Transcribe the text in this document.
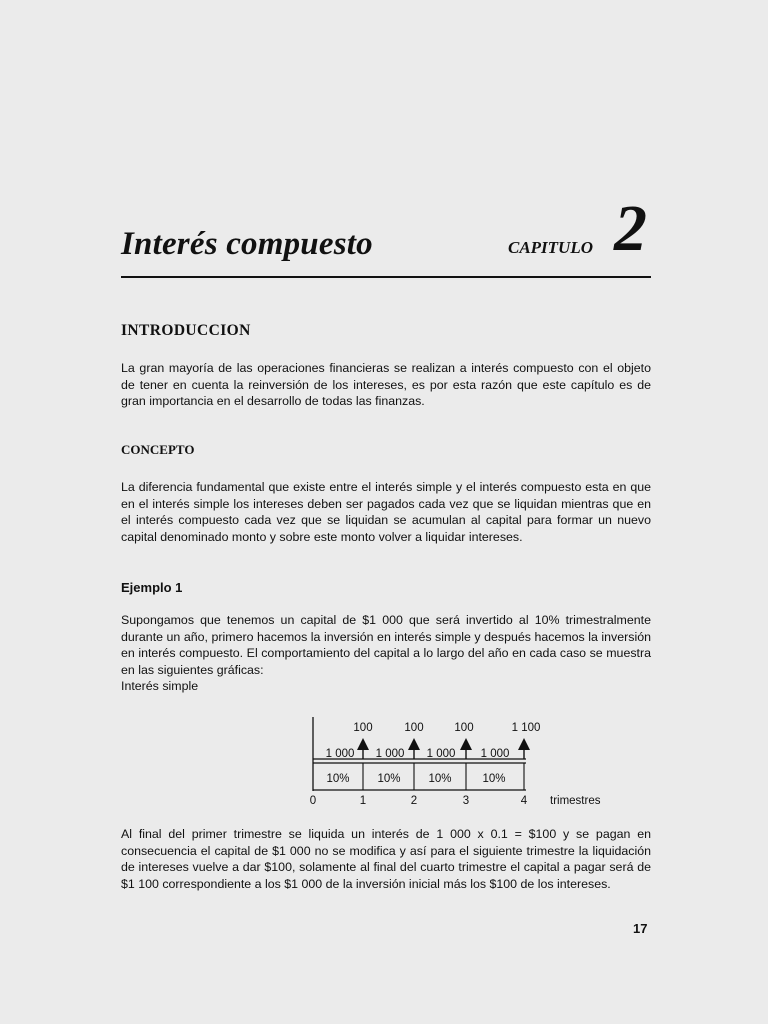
Interés compuesto	CAPITULO 2
INTRODUCCION
La gran mayoría de las operaciones financieras se realizan a interés compuesto con el objeto de tener en cuenta la reinversión de los intereses, es por esta razón que este capítulo es de gran importancia en el desarrollo de todas las finanzas.
CONCEPTO
La diferencia fundamental que existe entre el interés simple y el interés compuesto esta en que en el interés simple los intereses deben ser pagados cada vez que se liquidan mientras que en el interés compuesto cada vez que se liquidan se acumulan al capital para formar un nuevo capital denominado monto y sobre este monto volver a liquidar intereses.
Ejemplo 1
Supongamos que tenemos un capital de $1 000 que será invertido al 10% trimestralmente durante un año, primero hacemos la inversión en interés simple y después hacemos la inversión en interés compuesto. El comportamiento del capital a lo largo del año en cada caso se muestra en las siguientes gráficas:
Interés simple
100	100	100	1 100
1 000 1 000 1 000 1 000
10% 10% 10%	10%
0	1	2	3	4 trimestres
Al final del primer trimestre se liquida un interés de 1 000 x 0.1 = $100 y se pagan en consecuencia el capital de $1 000 no se modifica y así para el siguiente trimestre la liquidación de intereses vuelve a dar $100, solamente al final del cuarto trimestre el capital a pagar será de $1 100 correspondiente a los $1 000 de la inversión inicial más los $100 de los intereses.
17
